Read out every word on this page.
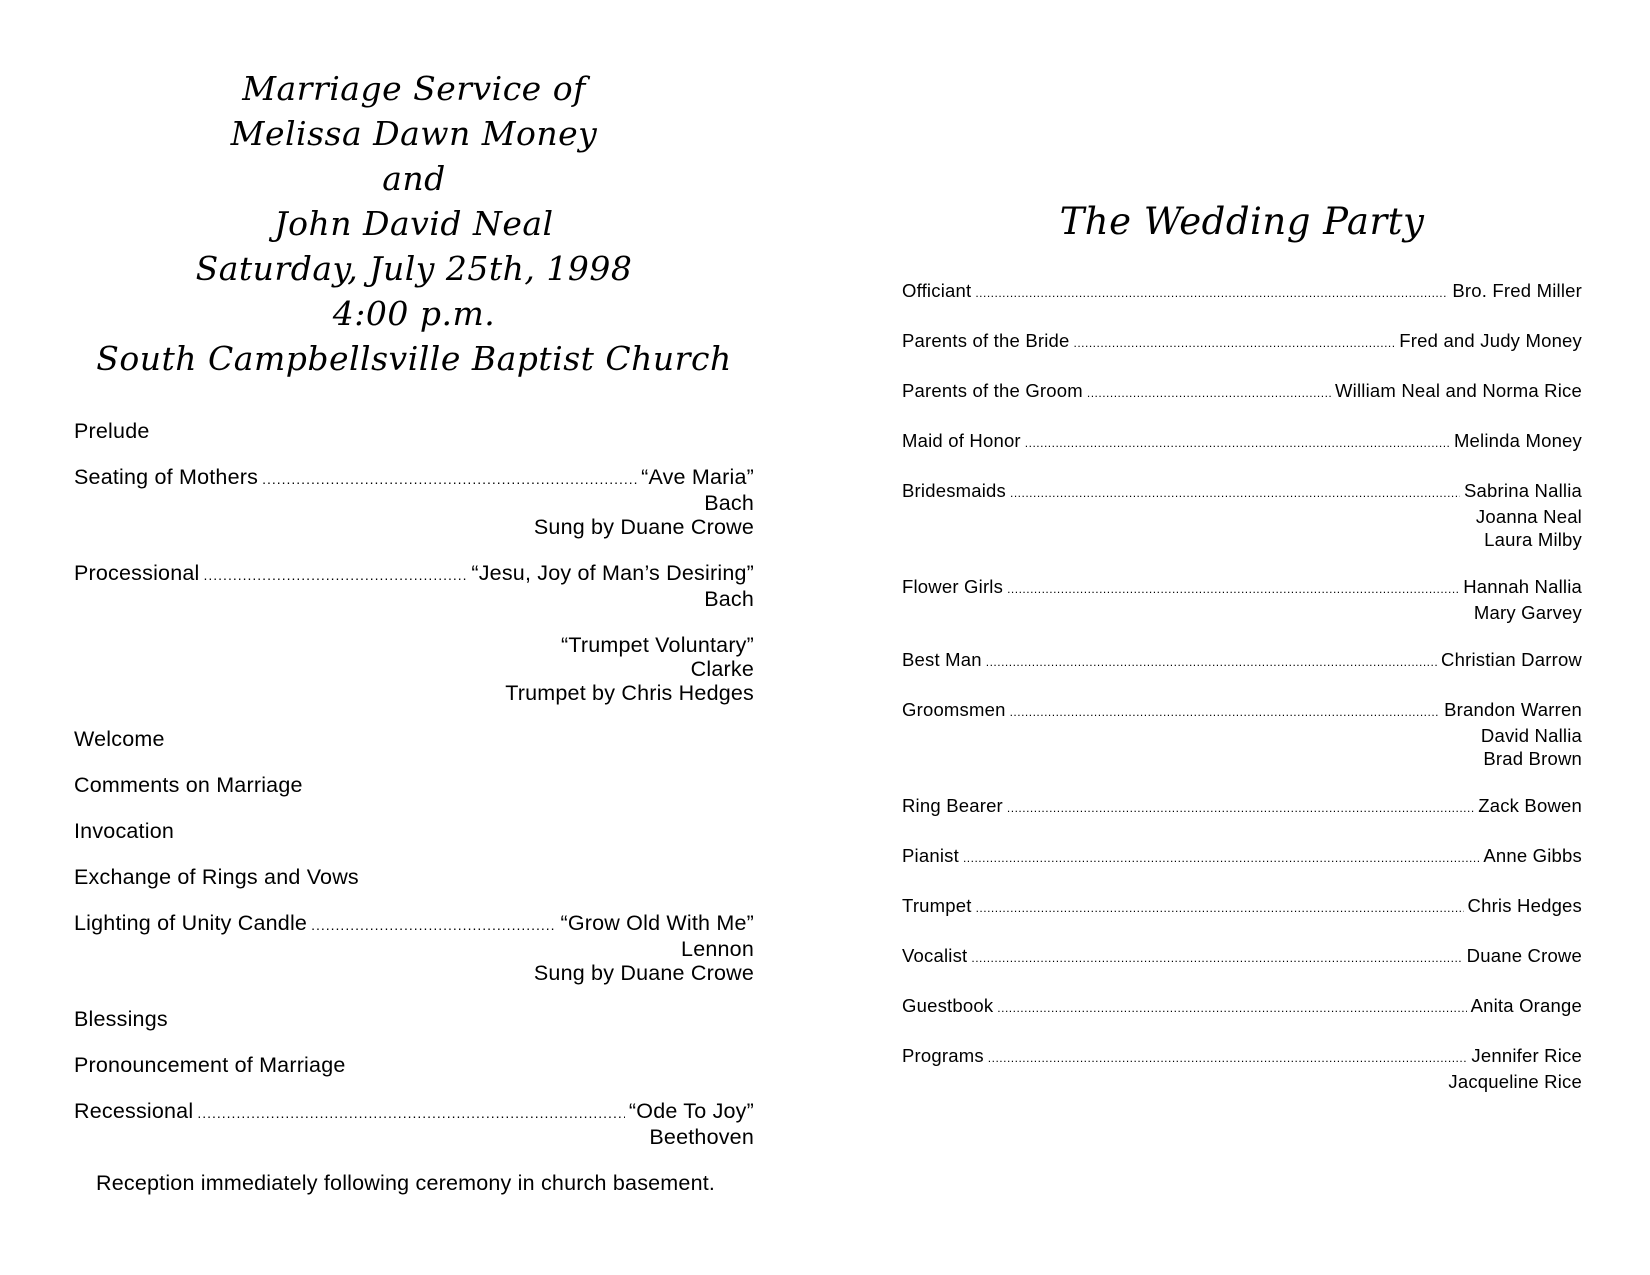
Marriage Service of
Melissa Dawn Money
and
John David Neal
Saturday, July 25th, 1998
4:00 p.m.
South Campbellsville Baptist Church
Prelude
Seating of Mothers .....	“Ave Maria”
Bach
Sung by Duane Crowe
Processional .....	“Jesu, Joy of Man’s Desiring”
Bach
“Trumpet Voluntary”
Clarke
Trumpet by Chris Hedges
Welcome
Comments on Marriage
Invocation
Exchange of Rings and Vows
Lighting of Unity Candle .....	“Grow Old With Me”
Lennon
Sung by Duane Crowe
Blessings
Pronouncement of Marriage
Recessional .....	“Ode To Joy”
Beethoven
Reception immediately following ceremony in church basement.
The Wedding Party
Officiant .....	Bro. Fred Miller
Parents of the Bride .....	Fred and Judy Money
Parents of the Groom .....	William Neal and Norma Rice
Maid of Honor .....	Melinda Money
Bridesmaids .....	Sabrina Nallia
Joanna Neal
Laura Milby
Flower Girls .....	Hannah Nallia
Mary Garvey
Best Man .....	Christian Darrow
Groomsmen .....	Brandon Warren
David Nallia
Brad Brown
Ring Bearer .....	Zack Bowen
Pianist .....	Anne Gibbs
Trumpet .....	Chris Hedges
Vocalist .....	Duane Crowe
Guestbook .....	Anita Orange
Programs .....	Jennifer Rice
Jacqueline Rice
